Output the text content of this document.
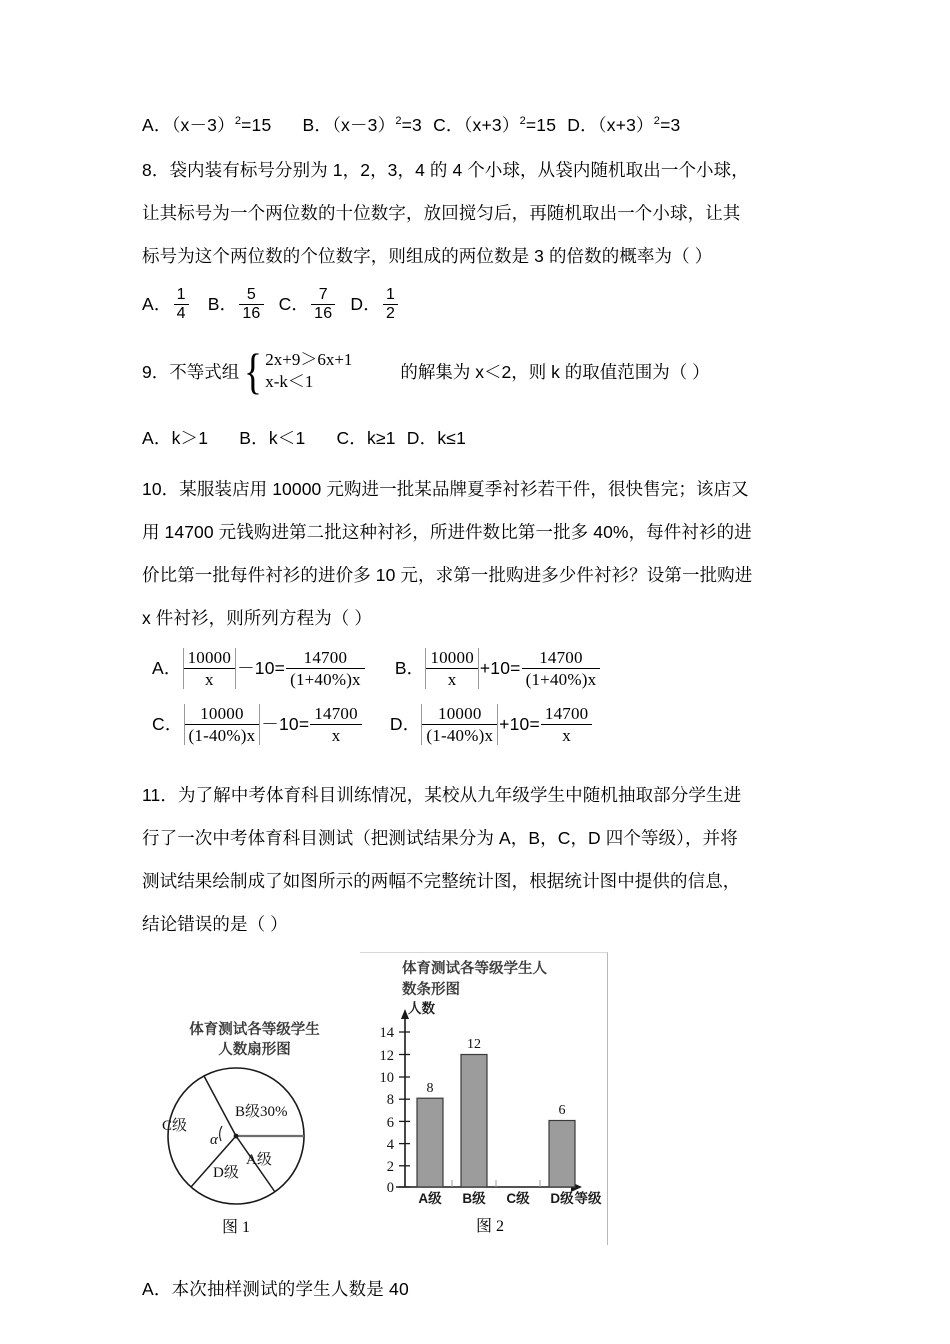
A．$(x-3)^2=15$ B．$(x-3)^2=3$ C．$(x+3)^2=15$ D．$(x+3)^2=3$
8．袋内装有标号分别为 1，2，3，4 的 4 个小球，从袋内随机取出一个小球，
让其标号为一个两位数的十位数字，放回搅匀后，再随机取出一个小球，让其
标号为这个两位数的个位数字，则组成的两位数是 3 的倍数的概率为（ ）
A． $\frac{1}{4}$ B． $\frac{5}{16}$ C． $\frac{7}{16}$ D． $\frac{1}{2}$
9． 不等式组 { 2x+9＞6x+1
x-k＜1	的解集为 x＜2，则 k 的取值范围为（ ）
A．k＞1 B．k＜1 C．k≥1 D．k≤1
10．某服装店用 10000 元购进一批某品牌夏季衬衫若干件，很快售完；该店又
用 14700 元钱购进第二批这种衬衫，所进件数比第一批多 40%，每件衬衫的进
价比第一批每件衬衫的进价多 10 元，求第一批购进多少件衬衫？设第一批购进
x 件衬衫，则所列方程为（ ）
A． $\frac{10000}{x} -10= \frac{14700}{(1+40\%)x}$ B． $\frac{10000}{x} +10= \frac{14700}{(1+40\%)x}$
C． $\frac{10000}{(1-40\%)x} -10= \frac{14700}{x}$ D． $\frac{10000}{(1-40\%)x} +10= \frac{14700}{x}$
11．为了解中考体育科目训练情况，某校从九年级学生中随机抽取部分学生进
行了一次中考体育科目测试（把测试结果分为 A，B，C，D 四个等级），并将
测试结果绘制成了如图所示的两幅不完整统计图，根据统计图中提供的信息，
结论错误的是（ ）
体育测试各等级学生
人数扇形图
α
B级30%
C级
A级
D级
图 1
体育测试各等级学生人
数条形图
0
2
4
6
8
10
12
14
人数
8
12
6
A级 B级 C级 D级 等级
图 2
A．本次抽样测试的学生人数是 40
